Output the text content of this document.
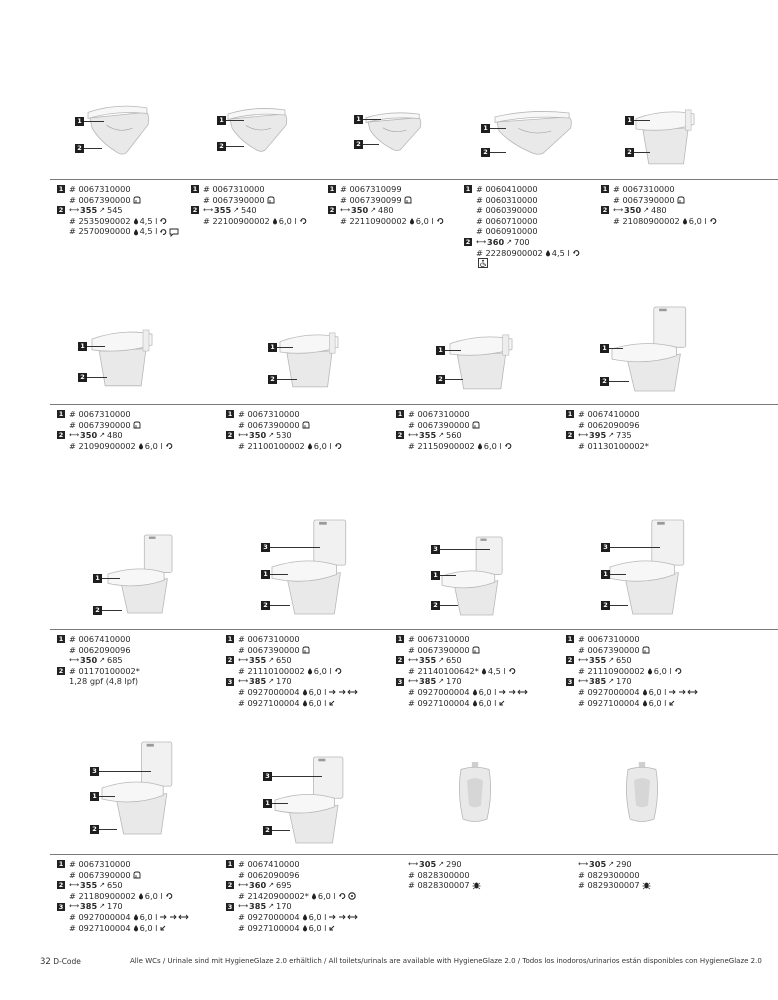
1 # 0067310000
# 0067390000
2 ⟷ 355 ↗ 545
# 2535090002 4,5 l
# 2570090000 4,5 l
1 # 0067310000
# 0067390000
2 ⟷ 355 ↗ 540
# 22100900002 6,0 l
1 # 0067310099
# 0067390099
2 ⟷ 350 ↗ 480
# 22110900002 6,0 l
1 # 0060410000
# 0060310000
# 0060390000
# 0060710000
# 0060910000
2 ⟷ 360 ↗ 700
# 22280900002 4,5 l
1 # 0067310000
# 0067390000
2 ⟷ 350 ↗ 480
# 21080900002 6,0 l
1 # 0067310000
# 0067390000
2 ⟷ 350 ↗ 480
# 21090900002 6,0 l
1 # 0067310000
# 0067390000
2 ⟷ 350 ↗ 530
# 21100100002 6,0 l
1 # 0067310000
# 0067390000
2 ⟷ 355 ↗ 560
# 21150900002 6,0 l
1 # 0067410000
# 0062090096
2 ⟷ 395 ↗ 735
# 01130100002*
1 # 0067410000
# 0062090096
⟷ 350 ↗ 685
2 # 01170100002*
1,28 gpf (4,8 lpf)
1 # 0067310000
# 0067390000
2 ⟷ 355 ↗ 650
# 21110100002 6,0 l
3 ⟷ 385 ↗ 170
# 0927000004 6,0 l
# 0927100004 6,0 l
1 # 0067310000
# 0067390000
2 ⟷ 355 ↗ 650
# 21140100642* 4,5 l
3 ⟷ 385 ↗ 170
# 0927000004 6,0 l
# 0927100004 6,0 l
1 # 0067310000
# 0067390000
2 ⟷ 355 ↗ 650
# 21110900002 6,0 l
3 ⟷ 385 ↗ 170
# 0927000004 6,0 l
# 0927100004 6,0 l
1 # 0067310000
# 0067390000
2 ⟷ 355 ↗ 650
# 21180900002 6,0 l
3 ⟷ 385 ↗ 170
# 0927000004 6,0 l
# 0927100004 6,0 l
1 # 0067410000
# 0062090096
2 ⟷ 360 ↗ 695
# 21420900002* 6,0 l
3 ⟷ 385 ↗ 170
# 0927000004 6,0 l
# 0927100004 6,0 l
⟷ 305 ↗ 290
# 0828300000
# 0828300007
⟷ 305 ↗ 290
# 0829300000
# 0829300007
1
2
1
2
1
2
1
2
1
2
1
2
1
2
1
2
1
2
1
2
3
1
2
3
1
2
3
1
2
3
1
2
3
1
2
32 D-Code	Alle WCs / Urinale sind mit HygieneGlaze 2.0 erhältlich / All toilets/urinals are available with HygieneGlaze 2.0 / Todos los inodoros/urinarios están disponibles con HygieneGlaze 2.0
